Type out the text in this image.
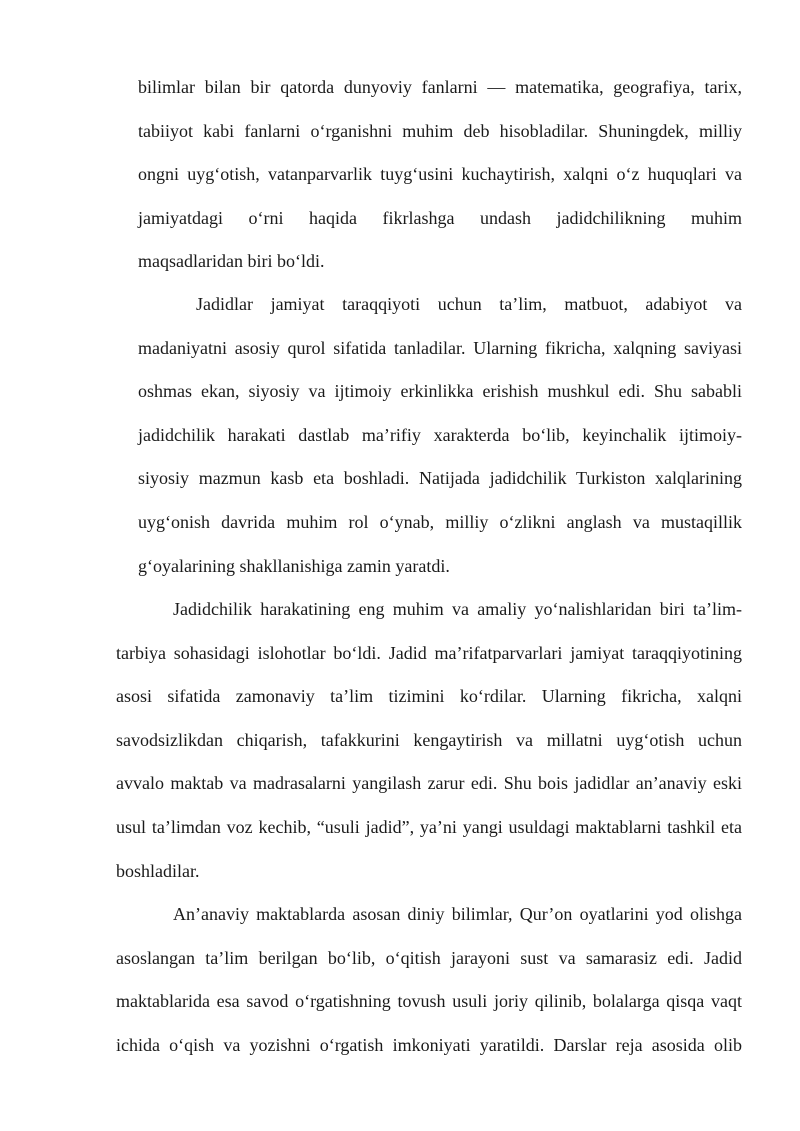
bilimlar bilan bir qatorda dunyoviy fanlarni — matematika, geografiya, tarix,
tabiiyot kabi fanlarni o‘rganishni muhim deb hisobladilar. Shuningdek, milliy
ongni uyg‘otish, vatanparvarlik tuyg‘usini kuchaytirish, xalqni o‘z huquqlari va
jamiyatdagi o‘rni haqida fikrlashga undash jadidchilikning muhim
maqsadlaridan biri bo‘ldi.
Jadidlar jamiyat taraqqiyoti uchun ta’lim, matbuot, adabiyot va
madaniyatni asosiy qurol sifatida tanladilar. Ularning fikricha, xalqning saviyasi
oshmas ekan, siyosiy va ijtimoiy erkinlikka erishish mushkul edi. Shu sababli
jadidchilik harakati dastlab ma’rifiy xarakterda bo‘lib, keyinchalik ijtimoiy-
siyosiy mazmun kasb eta boshladi. Natijada jadidchilik Turkiston xalqlarining
uyg‘onish davrida muhim rol o‘ynab, milliy o‘zlikni anglash va mustaqillik
g‘oyalarining shakllanishiga zamin yaratdi.
Jadidchilik harakatining eng muhim va amaliy yo‘nalishlaridan biri ta’lim-
tarbiya sohasidagi islohotlar bo‘ldi. Jadid ma’rifatparvarlari jamiyat taraqqiyotining
asosi sifatida zamonaviy ta’lim tizimini ko‘rdilar. Ularning fikricha, xalqni
savodsizlikdan chiqarish, tafakkurini kengaytirish va millatni uyg‘otish uchun
avvalo maktab va madrasalarni yangilash zarur edi. Shu bois jadidlar an’anaviy eski
usul ta’limdan voz kechib, “usuli jadid”, ya’ni yangi usuldagi maktablarni tashkil eta
boshladilar.
An’anaviy maktablarda asosan diniy bilimlar, Qur’on oyatlarini yod olishga
asoslangan ta’lim berilgan bo‘lib, o‘qitish jarayoni sust va samarasiz edi. Jadid
maktablarida esa savod o‘rgatishning tovush usuli joriy qilinib, bolalarga qisqa vaqt
ichida o‘qish va yozishni o‘rgatish imkoniyati yaratildi. Darslar reja asosida olib
